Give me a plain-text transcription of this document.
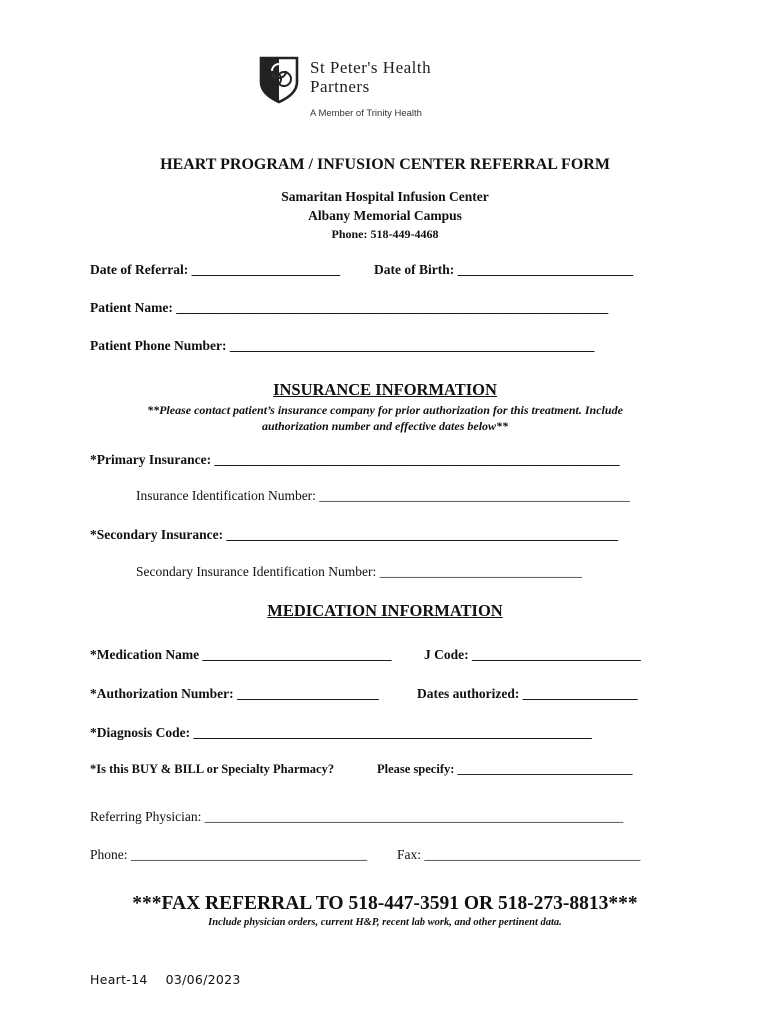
St Peter's Health
Partners
A Member of Trinity Health
HEART PROGRAM / INFUSION CENTER REFERRAL FORM
Samaritan Hospital Infusion Center
Albany Memorial Campus
Phone: 518-449-4468
Date of Referral: ______________________	Date of Birth: __________________________
Patient Name: ________________________________________________________________
Patient Phone Number: ______________________________________________________
INSURANCE INFORMATION
**Please contact patient’s insurance company for prior authorization for this treatment. Include
authorization number and effective dates below**
*Primary Insurance: ____________________________________________________________
Insurance Identification Number: ______________________________________________
*Secondary Insurance: __________________________________________________________
Secondary Insurance Identification Number: ______________________________
MEDICATION INFORMATION
*Medication Name ____________________________ J Code: _________________________
*Authorization Number: _____________________	Dates authorized: _________________
*Diagnosis Code: ___________________________________________________________
*Is this BUY & BILL or Specialty Pharmacy?	Please specify: ____________________________
Referring Physician: ______________________________________________________________
Phone: ___________________________________ Fax: ________________________________
***FAX REFERRAL TO 518-447-3591 OR 518-273-8813***
Include physician orders, current H&P, recent lab work, and other pertinent data.
Heart-14 03/06/2023
